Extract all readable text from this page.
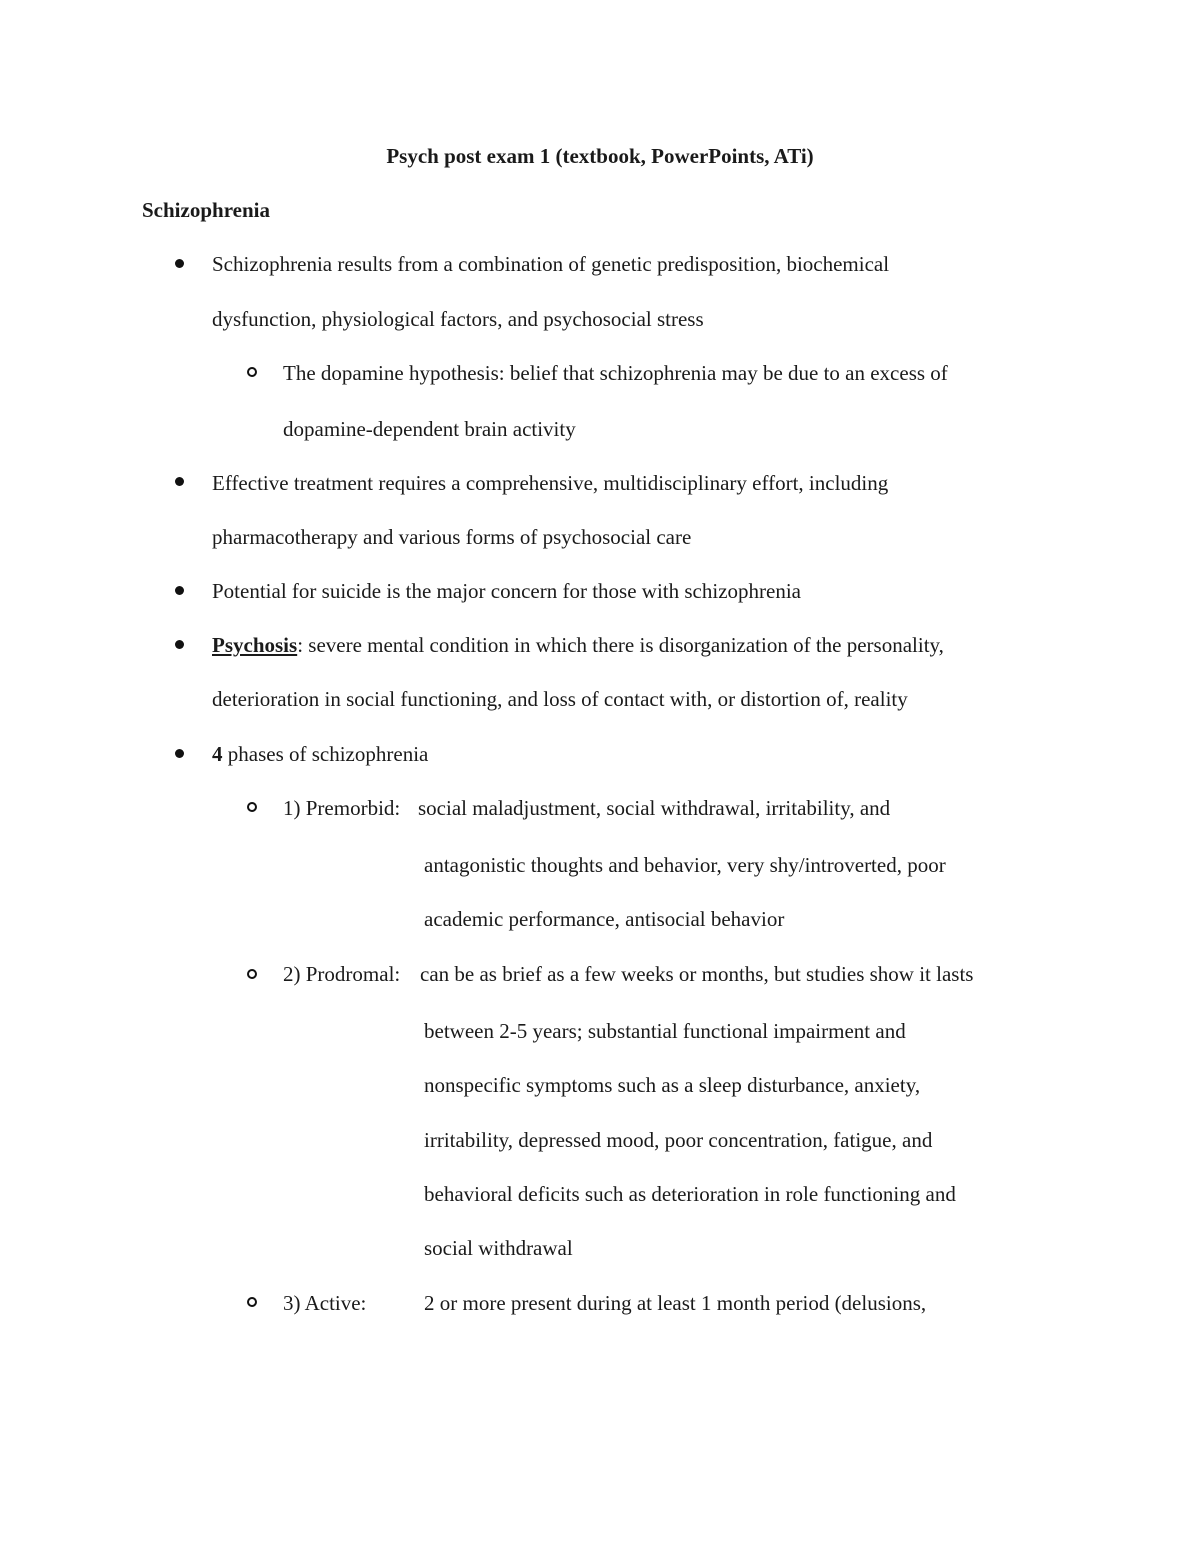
Psych post exam 1 (textbook, PowerPoints, ATi)
Schizophrenia
Schizophrenia results from a combination of genetic predisposition, biochemical
dysfunction, physiological factors, and psychosocial stress
The dopamine hypothesis: belief that schizophrenia may be due to an excess of
dopamine-dependent brain activity
Effective treatment requires a comprehensive, multidisciplinary effort, including
pharmacotherapy and various forms of psychosocial care
Potential for suicide is the major concern for those with schizophrenia
Psychosis: severe mental condition in which there is disorganization of the personality,
deterioration in social functioning, and loss of contact with, or distortion of, reality
4 phases of schizophrenia
1) Premorbid: social maladjustment, social withdrawal, irritability, and
antagonistic thoughts and behavior, very shy/introverted, poor
academic performance, antisocial behavior
2) Prodromal: can be as brief as a few weeks or months, but studies show it lasts
between 2-5 years; substantial functional impairment and
nonspecific symptoms such as a sleep disturbance, anxiety,
irritability, depressed mood, poor concentration, fatigue, and
behavioral deficits such as deterioration in role functioning and
social withdrawal
3) Active:	2 or more present during at least 1 month period (delusions,
